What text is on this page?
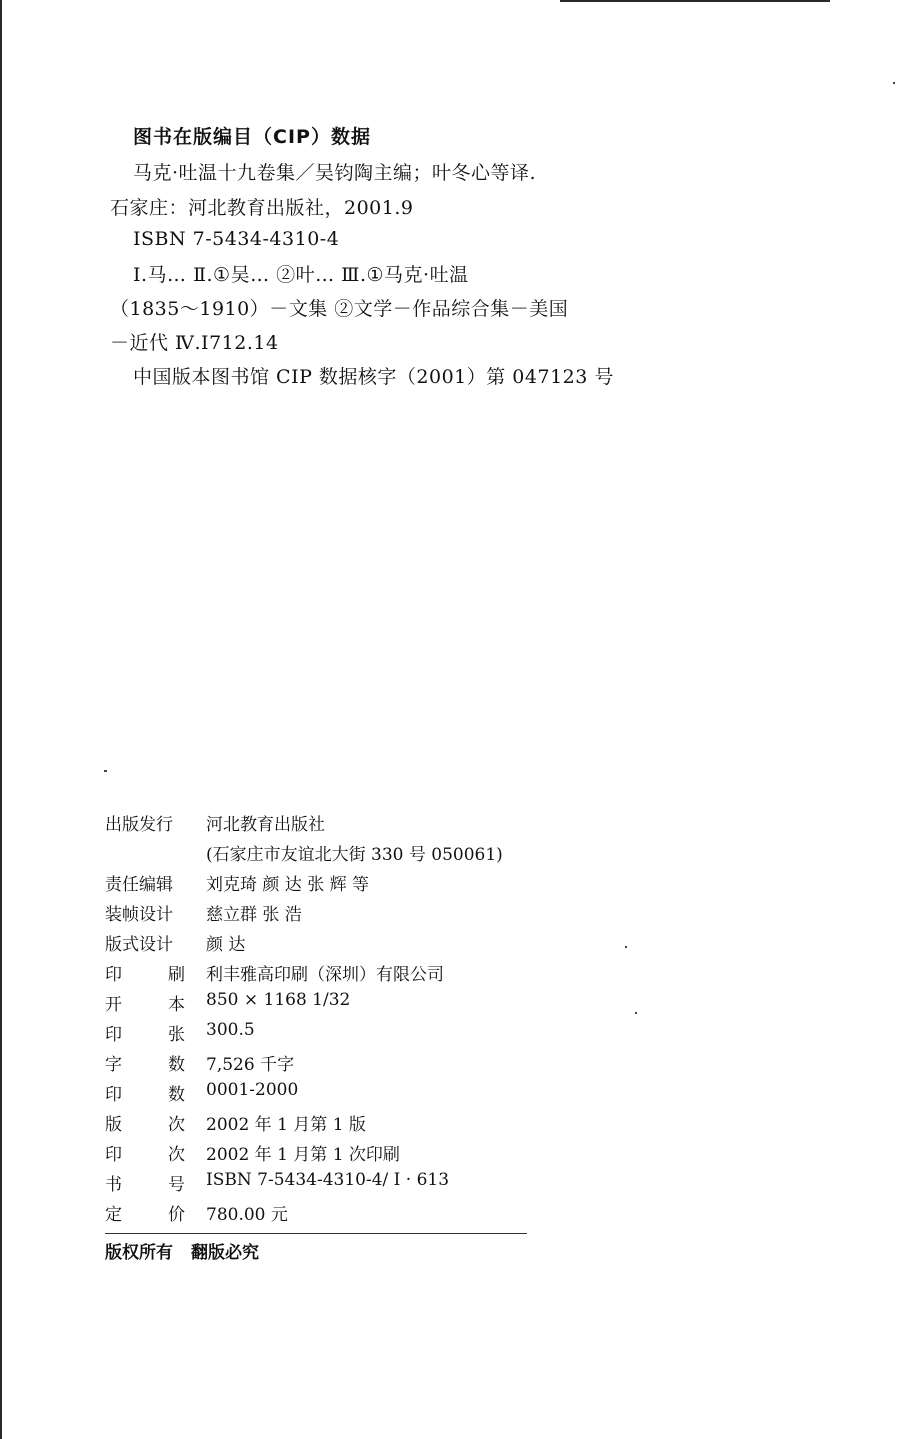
图书在版编目（CIP）数据
马克·吐温十九卷集／吴钧陶主编；叶冬心等译.
石家庄：河北教育出版社，2001.9
ISBN 7-5434-4310-4
Ⅰ.马… Ⅱ.①吴… ②叶… Ⅲ.①马克·吐温
（1835～1910）－文集 ②文学－作品综合集－美国
－近代 Ⅳ.I712.14
中国版本图书馆 CIP 数据核字（2001）第 047123 号
出版发行	河北教育出版社
(石家庄市友谊北大街 330 号 050061)
责任编辑	刘克琦 颜 达 张 辉 等
装帧设计	慈立群 张 浩
版式设计	颜 达
印	刷 利丰雅高印刷（深圳）有限公司
开	本 850 × 1168 1/32
印	张 300.5
字	数 7,526 千字
印	数 0001-2000
版	次 2002 年 1 月第 1 版
印	次 2002 年 1 月第 1 次印刷
书	号 ISBN 7-5434-4310-4/ I · 613
定	价 780.00 元
版权所有 翻版必究
